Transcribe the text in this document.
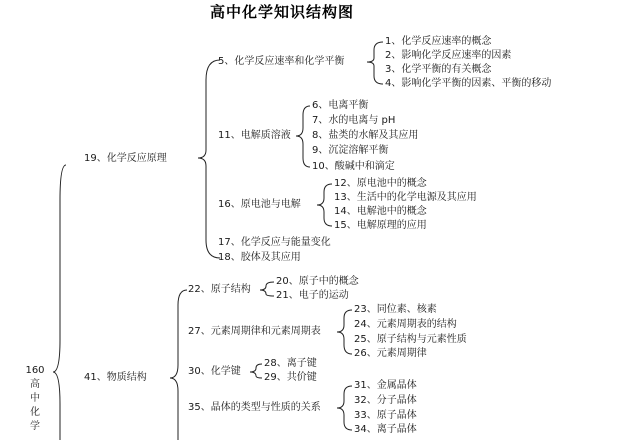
高中化学知识结构图
160
高
中
化
学
19、化学反应原理
5、化学反应速率和化学平衡
1、化学反应速率的概念
2、影响化学反应速率的因素
3、化学平衡的有关概念
4、影响化学平衡的因素、平衡的移动
11、电解质溶液
6、电离平衡
7、水的电离与 pH
8、盐类的水解及其应用
9、沉淀溶解平衡
10、酸碱中和滴定
16、原电池与电解
12、原电池中的概念
13、生活中的化学电源及其应用
14、电解池中的概念
15、电解原理的应用
17、化学反应与能量变化
18、胶体及其应用
41、物质结构
22、原子结构
20、原子中的概念
21、电子的运动
27、元素周期律和元素周期表
23、同位素、核素
24、元素周期表的结构
25、原子结构与元素性质
26、元素周期律
30、化学键
28、离子键
29、共价键
35、晶体的类型与性质的关系
31、金属晶体
32、分子晶体
33、原子晶体
34、离子晶体
